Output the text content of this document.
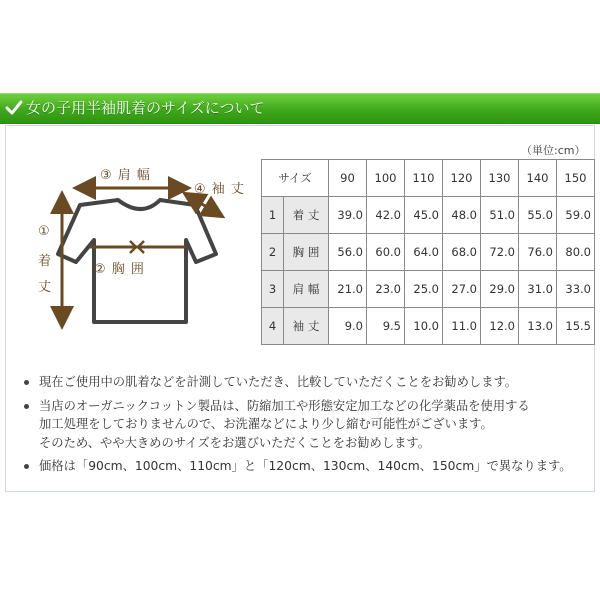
女の子用半袖肌着のサイズについて
（単位:cm）
③ 肩 幅
④ 袖 丈
② 胸 囲
①
着
丈
サイズ		90	100	110	120	130	140	150
1	着 丈	39.0	42.0	45.0	48.0	51.0	55.0	59.0
2	胸 囲	56.0	60.0	64.0	68.0	72.0	76.0	80.0
3	肩 幅	21.0	23.0	25.0	27.0	29.0	31.0	33.0
4	袖 丈	9.0	9.5	10.0	11.0	12.0	13.0	15.5
現在ご使用中の肌着などを計測していただき、比較していただくことをお勧めします。
当店のオーガニックコットン製品は、防縮加工や形態安定加工などの化学薬品を使用する
加工処理をしておりませんので、お洗濯などにより少し縮む可能性がございます。
そのため、やや大きめのサイズをお選びいただくことをお勧めします。
価格は「90cm、100cm、110cm」と「120cm、130cm、140cm、150cm」で異なります。
